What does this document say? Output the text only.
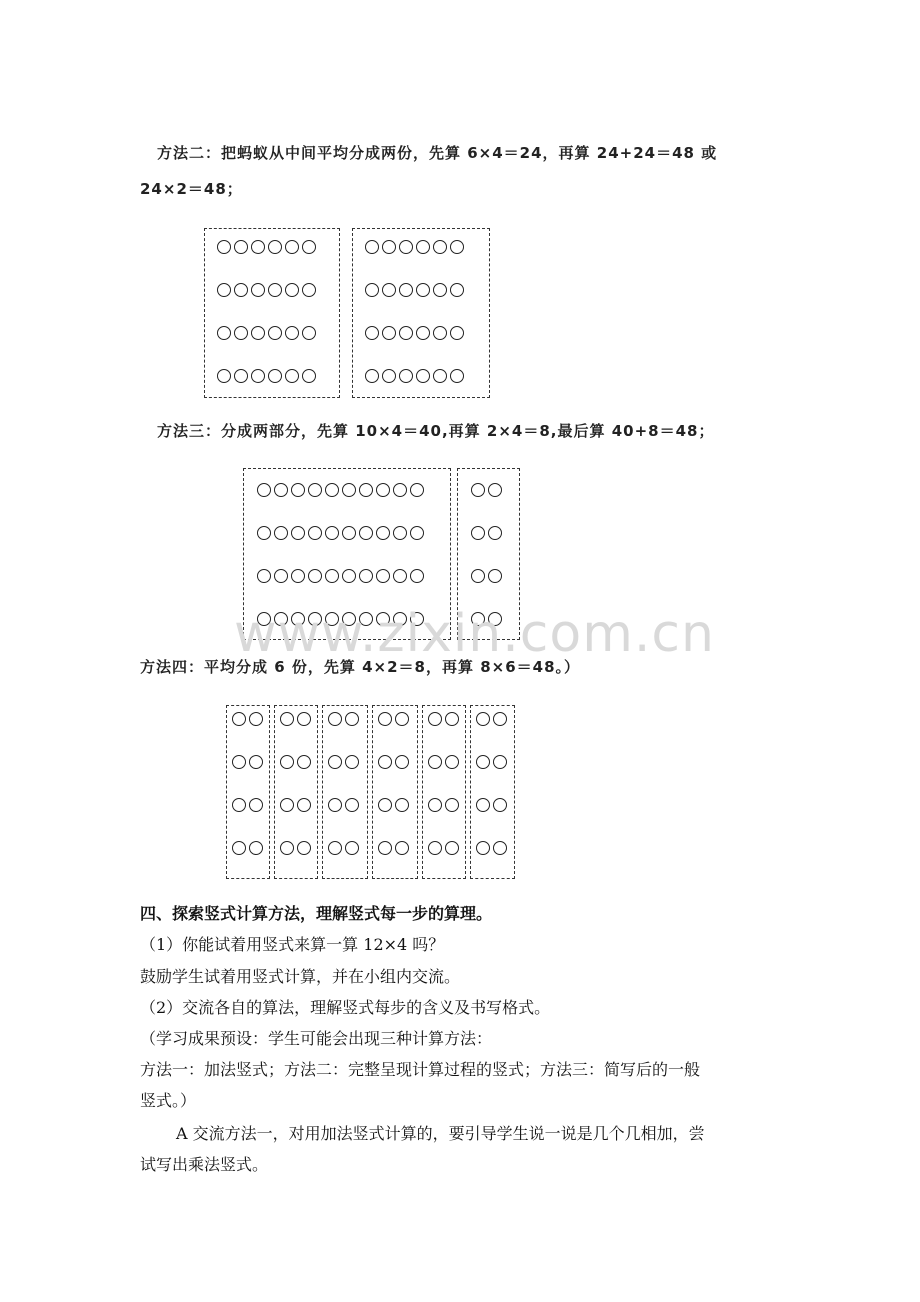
方法二：把蚂蚁从中间平均分成两份，先算 6×4＝24，再算 24+24＝48 或
24×2＝48；
方法三：分成两部分，先算 10×4＝40,再算 2×4＝8,最后算 40+8＝48；
www.zixin.com.cn
方法四：平均分成 6 份，先算 4×2＝8，再算 8×6＝48。）
四、探索竖式计算方法，理解竖式每一步的算理。
（1）你能试着用竖式来算一算 12×4 吗？
鼓励学生试着用竖式计算，并在小组内交流。
（2）交流各自的算法，理解竖式每步的含义及书写格式。
（学习成果预设：学生可能会出现三种计算方法：
方法一：加法竖式；方法二：完整呈现计算过程的竖式；方法三：简写后的一般
竖式。）
A 交流方法一，对用加法竖式计算的，要引导学生说一说是几个几相加，尝
试写出乘法竖式。
